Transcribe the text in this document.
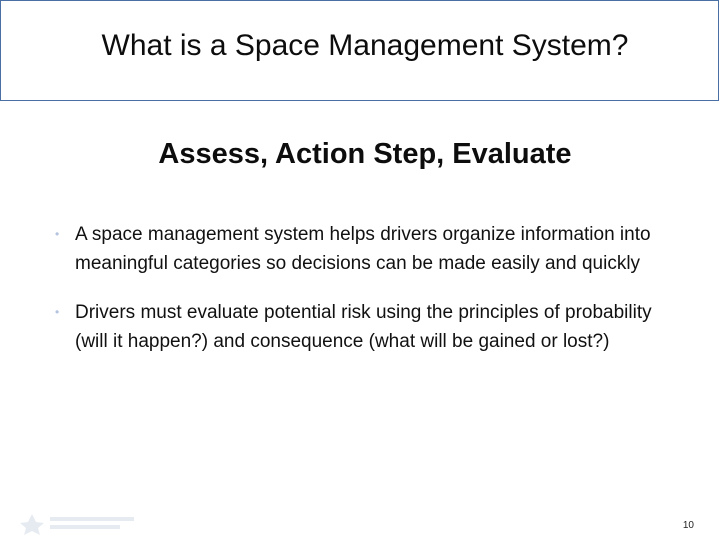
What is a Space Management System?
Assess, Action Step, Evaluate
• A space management system helps drivers organize information into meaningful categories so decisions can be made easily and quickly
• Drivers must evaluate potential risk using the principles of probability (will it happen?) and consequence (what will be gained or lost?)
10
